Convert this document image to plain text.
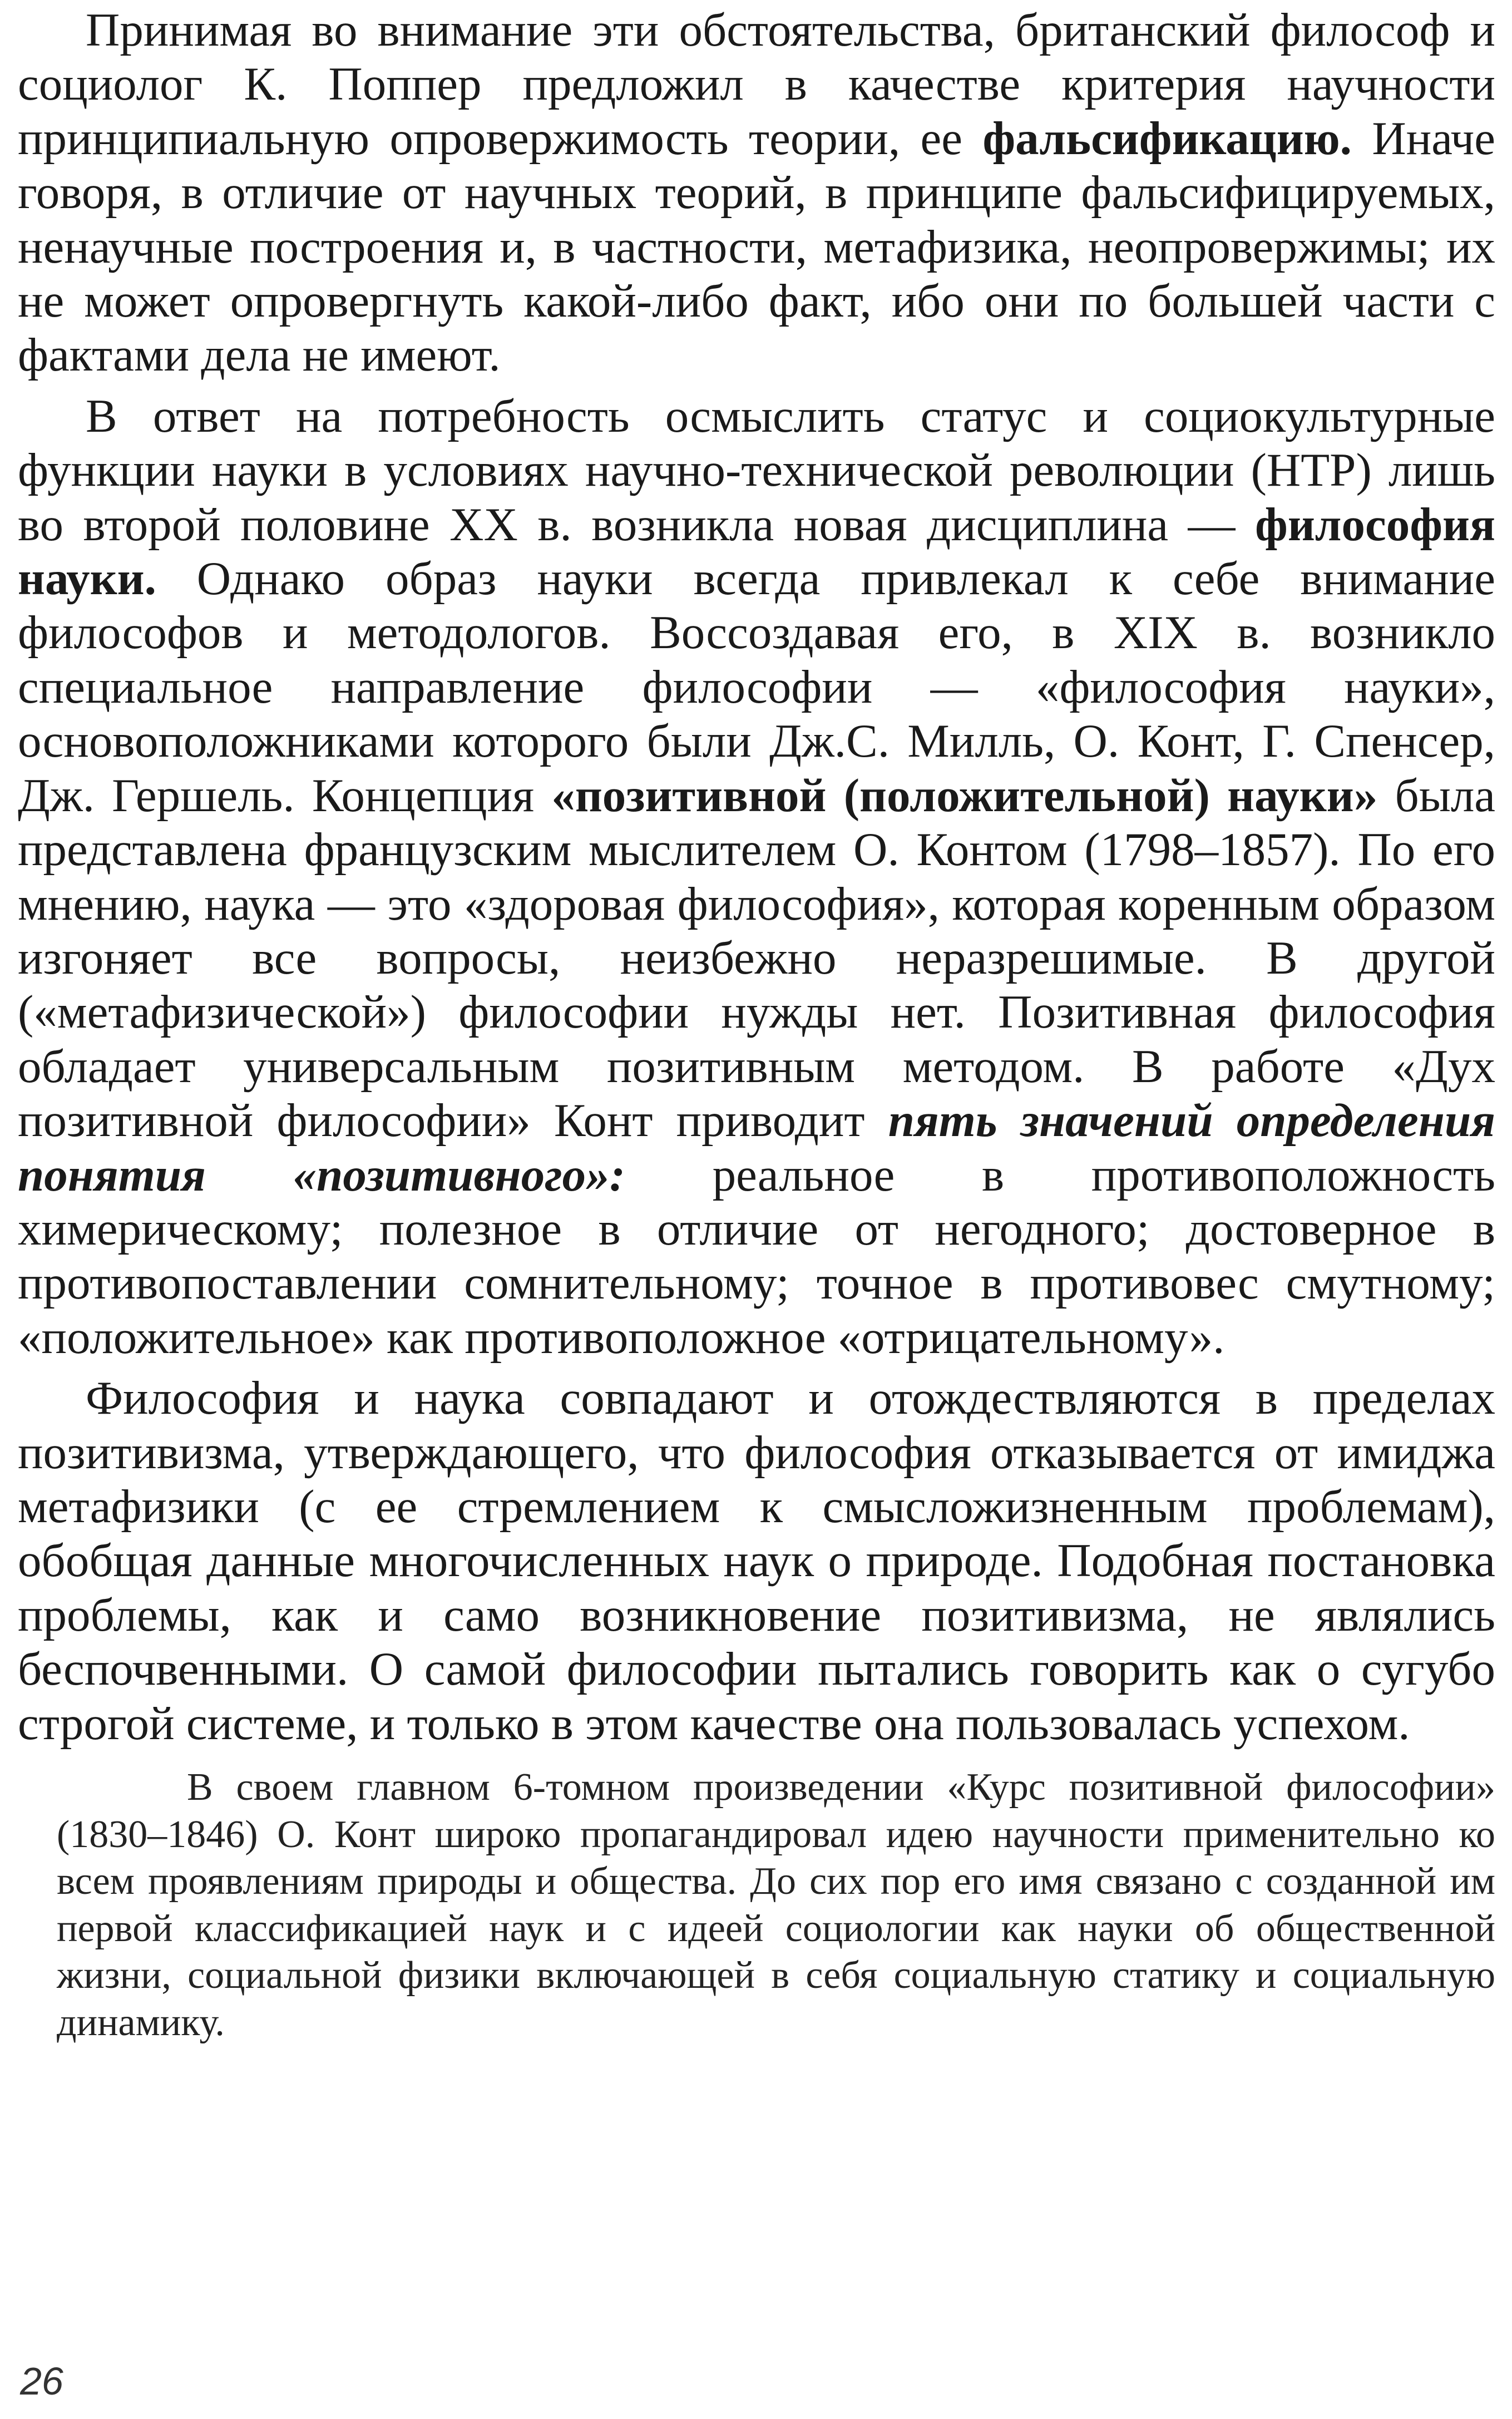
Принимая во внимание эти обстоятельства, британский философ и социолог К. Поппер предложил в качестве критерия научности принципиальную опровержимость теории, ее фальсификацию. Иначе говоря, в отличие от научных теорий, в принципе фальсифицируемых, ненаучные построения и, в частности, метафизика, неопровержимы; их не может опровергнуть какой-либо факт, ибо они по большей части с фактами дела не имеют.

В ответ на потребность осмыслить статус и социокультурные функции науки в условиях научно-технической революции (НТР) лишь во второй половине XX в. возникла новая дисциплина — философия науки. Однако образ науки всегда привлекал к себе внимание философов и методологов. Воссоздавая его, в XIX в. возникло специальное направление философии — «философия науки», основоположниками которого были Дж.С. Милль, О. Конт, Г. Спенсер, Дж. Гершель. Концепция «позитивной (положительной) науки» была представлена французским мыслителем О. Контом (1798–1857). По его мнению, наука — это «здоровая философия», которая коренным образом изгоняет все вопросы, неизбежно неразрешимые. В другой («метафизической») философии нужды нет. Позитивная философия обладает универсальным позитивным методом. В работе «Дух позитивной философии» Конт приводит пять значений определения понятия «позитивного»: реальное в противоположность химерическому; полезное в отличие от негодного; достоверное в противопоставлении сомнительному; точное в противовес смутному; «положительное» как противоположное «отрицательному».

Философия и наука совпадают и отождествляются в пределах позитивизма, утверждающего, что философия отказывается от имиджа метафизики (с ее стремлением к смысложизненным проблемам), обобщая данные многочисленных наук о природе. Подобная постановка проблемы, как и само возникновение позитивизма, не являлись беспочвенными. О самой философии пытались говорить как о сугубо строгой системе, и только в этом качестве она пользовалась успехом.

В своем главном 6-томном произведении «Курс позитивной философии» (1830–1846) О. Конт широко пропагандировал идею научности применительно ко всем проявлениям природы и общества. До сих пор его имя связано с созданной им первой классификацией наук и с идеей социологии как науки об общественной жизни, социальной физики включающей в себя социальную статику и социальную динамику.

26
